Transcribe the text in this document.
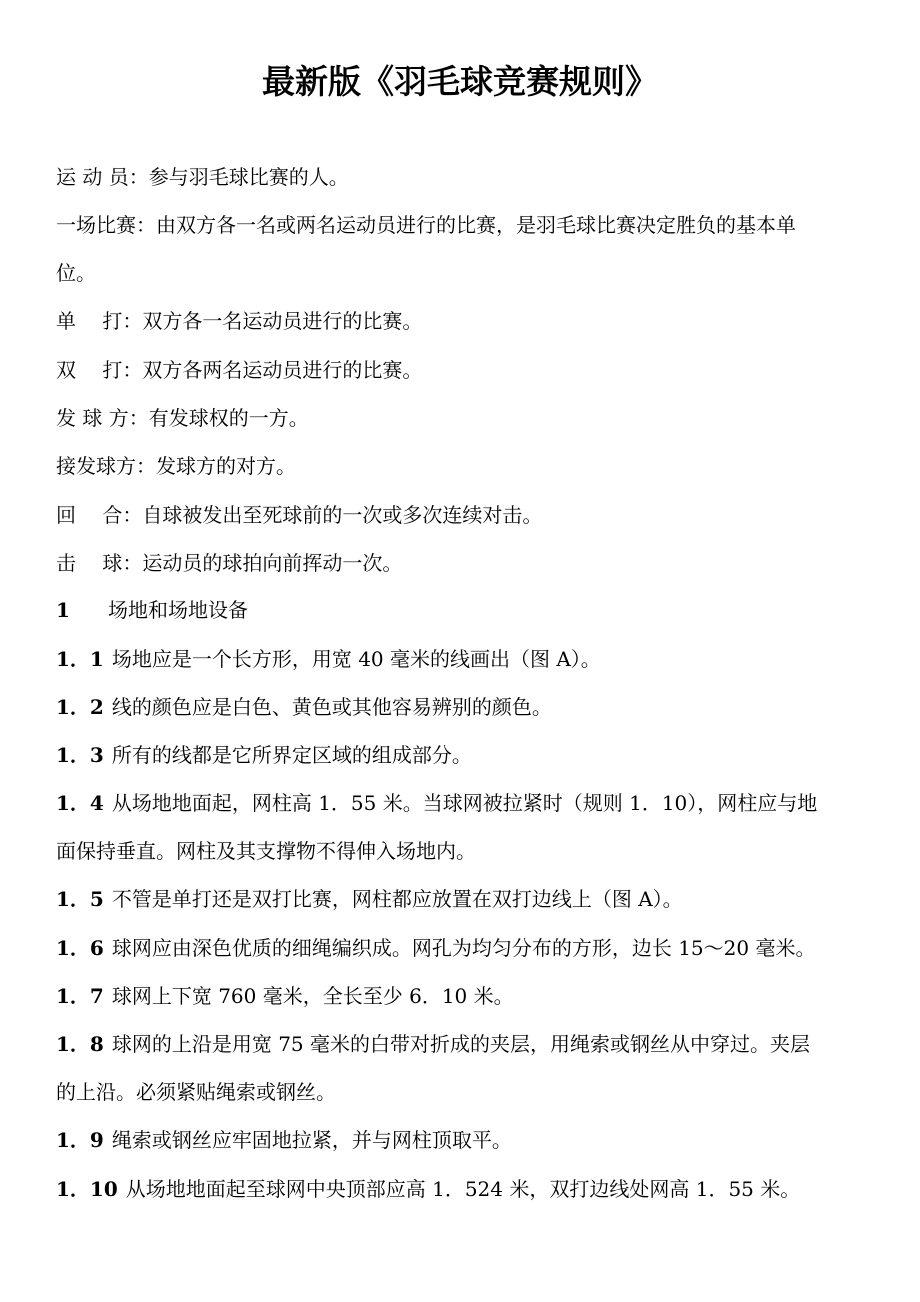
最新版《羽毛球竞赛规则》
运 动 员：参与羽毛球比赛的人。
一场比赛：由双方各一名或两名运动员进行的比赛，是羽毛球比赛决定胜负的基本单
位。
单　 打：双方各一名运动员进行的比赛。
双　 打：双方各两名运动员进行的比赛。
发 球 方：有发球权的一方。
接发球方：发球方的对方。
回　 合：自球被发出至死球前的一次或多次连续对击。
击　 球：运动员的球拍向前挥动一次。
1 场地和场地设备
1．1 场地应是一个长方形，用宽 40 毫米的线画出（图 A）。
1．2 线的颜色应是白色、黄色或其他容易辨别的颜色。
1．3 所有的线都是它所界定区域的组成部分。
1．4 从场地地面起，网柱高 1．55 米。当球网被拉紧时（规则 1．10），网柱应与地
面保持垂直。网柱及其支撑物不得伸入场地内。
1．5 不管是单打还是双打比赛，网柱都应放置在双打边线上（图 A）。
1．6 球网应由深色优质的细绳编织成。网孔为均匀分布的方形，边长 15～20 毫米。
1．7 球网上下宽 760 毫米，全长至少 6．10 米。
1．8 球网的上沿是用宽 75 毫米的白带对折成的夹层，用绳索或钢丝从中穿过。夹层
的上沿。必须紧贴绳索或钢丝。
1．9 绳索或钢丝应牢固地拉紧，并与网柱顶取平。
1．10 从场地地面起至球网中央顶部应高 1．524 米，双打边线处网高 1．55 米。
